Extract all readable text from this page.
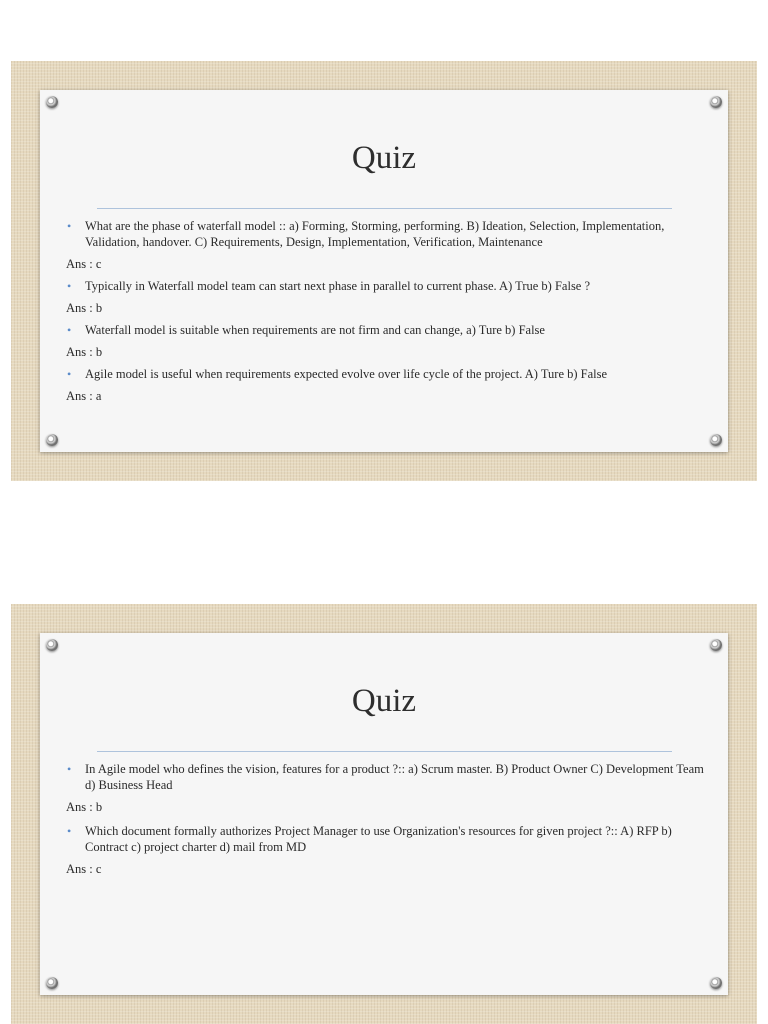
Quiz
• What are the phase of waterfall model :: a) Forming, Storming, performing. B) Ideation, Selection, Implementation, Validation, handover. C) Requirements, Design, Implementation, Verification, Maintenance
Ans : c
• Typically in Waterfall model team can start next phase in parallel to current phase. A) True b) False ?
Ans : b
• Waterfall model is suitable when requirements are not firm and can change, a) Ture b) False
Ans : b
• Agile model is useful when requirements expected evolve over life cycle of the project. A) Ture b) False
Ans : a
Quiz
• In Agile model who defines the vision, features for a product ?:: a) Scrum master. B) Product Owner C) Development Team d) Business Head
Ans : b
• Which document formally authorizes Project Manager to use Organization's resources for given project ?:: A) RFP b) Contract c) project charter d) mail from MD
Ans : c
